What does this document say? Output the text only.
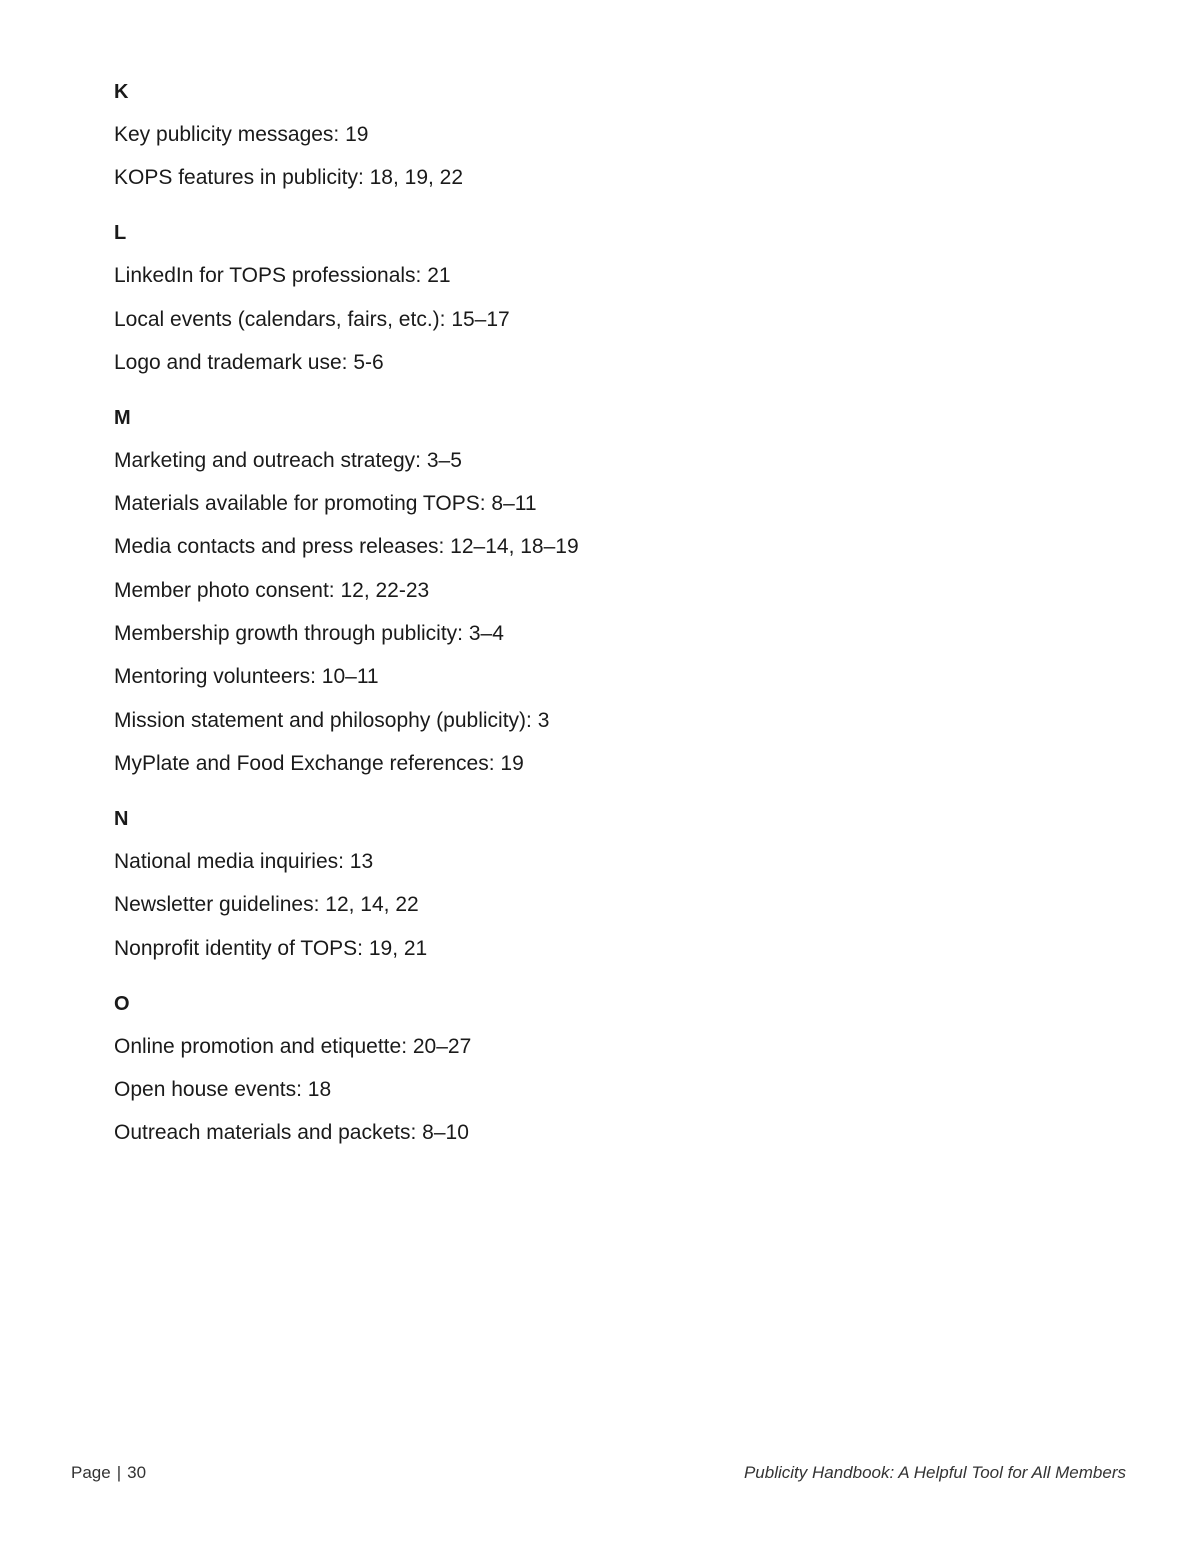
K
Key publicity messages: 19
KOPS features in publicity: 18, 19, 22
L
LinkedIn for TOPS professionals: 21
Local events (calendars, fairs, etc.): 15–17
Logo and trademark use: 5-6
M
Marketing and outreach strategy: 3–5
Materials available for promoting TOPS: 8–11
Media contacts and press releases: 12–14, 18–19
Member photo consent: 12, 22-23
Membership growth through publicity: 3–4
Mentoring volunteers: 10–11
Mission statement and philosophy (publicity): 3
MyPlate and Food Exchange references: 19
N
National media inquiries: 13
Newsletter guidelines: 12, 14, 22
Nonprofit identity of TOPS: 19, 21
O
Online promotion and etiquette: 20–27
Open house events: 18
Outreach materials and packets: 8–10
Page | 30	Publicity Handbook: A Helpful Tool for All Members
